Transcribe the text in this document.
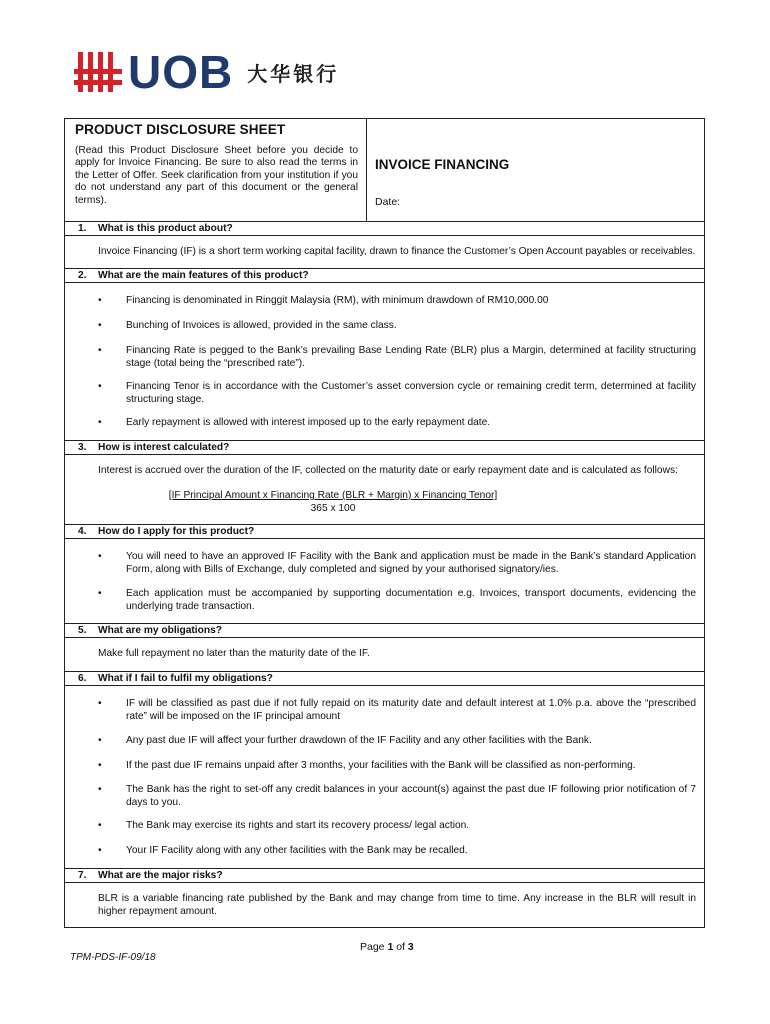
UOB 大华银行
PRODUCT DISCLOSURE SHEET
(Read this Product Disclosure Sheet before you decide to apply for Invoice Financing. Be sure to also read the terms in the Letter of Offer. Seek clarification from your institution if you do not understand any part of this document or the general terms).
INVOICE FINANCING
Date:
1. What is this product about?
Invoice Financing (IF) is a short term working capital facility, drawn to finance the Customer’s Open Account payables or receivables.
2. What are the main features of this product?
• Financing is denominated in Ringgit Malaysia (RM), with minimum drawdown of RM10,000.00
• Bunching of Invoices is allowed, provided in the same class.
• Financing Rate is pegged to the Bank’s prevailing Base Lending Rate (BLR) plus a Margin, determined at facility structuring stage (total being the “prescribed rate”).
• Financing Tenor is in accordance with the Customer’s asset conversion cycle or remaining credit term, determined at facility structuring stage.
• Early repayment is allowed with interest imposed up to the early repayment date.
3. How is interest calculated?
Interest is accrued over the duration of the IF, collected on the maturity date or early repayment date and is calculated as follows:
[IF Principal Amount x Financing Rate (BLR + Margin) x Financing Tenor]
365 x 100
4. How do I apply for this product?
• You will need to have an approved IF Facility with the Bank and application must be made in the Bank’s standard Application Form, along with Bills of Exchange, duly completed and signed by your authorised signatory/ies.
• Each application must be accompanied by supporting documentation e.g. Invoices, transport documents, evidencing the underlying trade transaction.
5. What are my obligations?
Make full repayment no later than the maturity date of the IF.
6. What if I fail to fulfil my obligations?
• IF will be classified as past due if not fully repaid on its maturity date and default interest at 1.0% p.a. above the “prescribed rate” will be imposed on the IF principal amount
• Any past due IF will affect your further drawdown of the IF Facility and any other facilities with the Bank.
• If the past due IF remains unpaid after 3 months, your facilities with the Bank will be classified as non-performing.
• The Bank has the right to set-off any credit balances in your account(s) against the past due IF following prior notification of 7 days to you.
• The Bank may exercise its rights and start its recovery process/ legal action.
• Your IF Facility along with any other facilities with the Bank may be recalled.
7. What are the major risks?
BLR is a variable financing rate published by the Bank and may change from time to time. Any increase in the BLR will result in higher repayment amount.
Page 1 of 3
TPM-PDS-IF-09/18
